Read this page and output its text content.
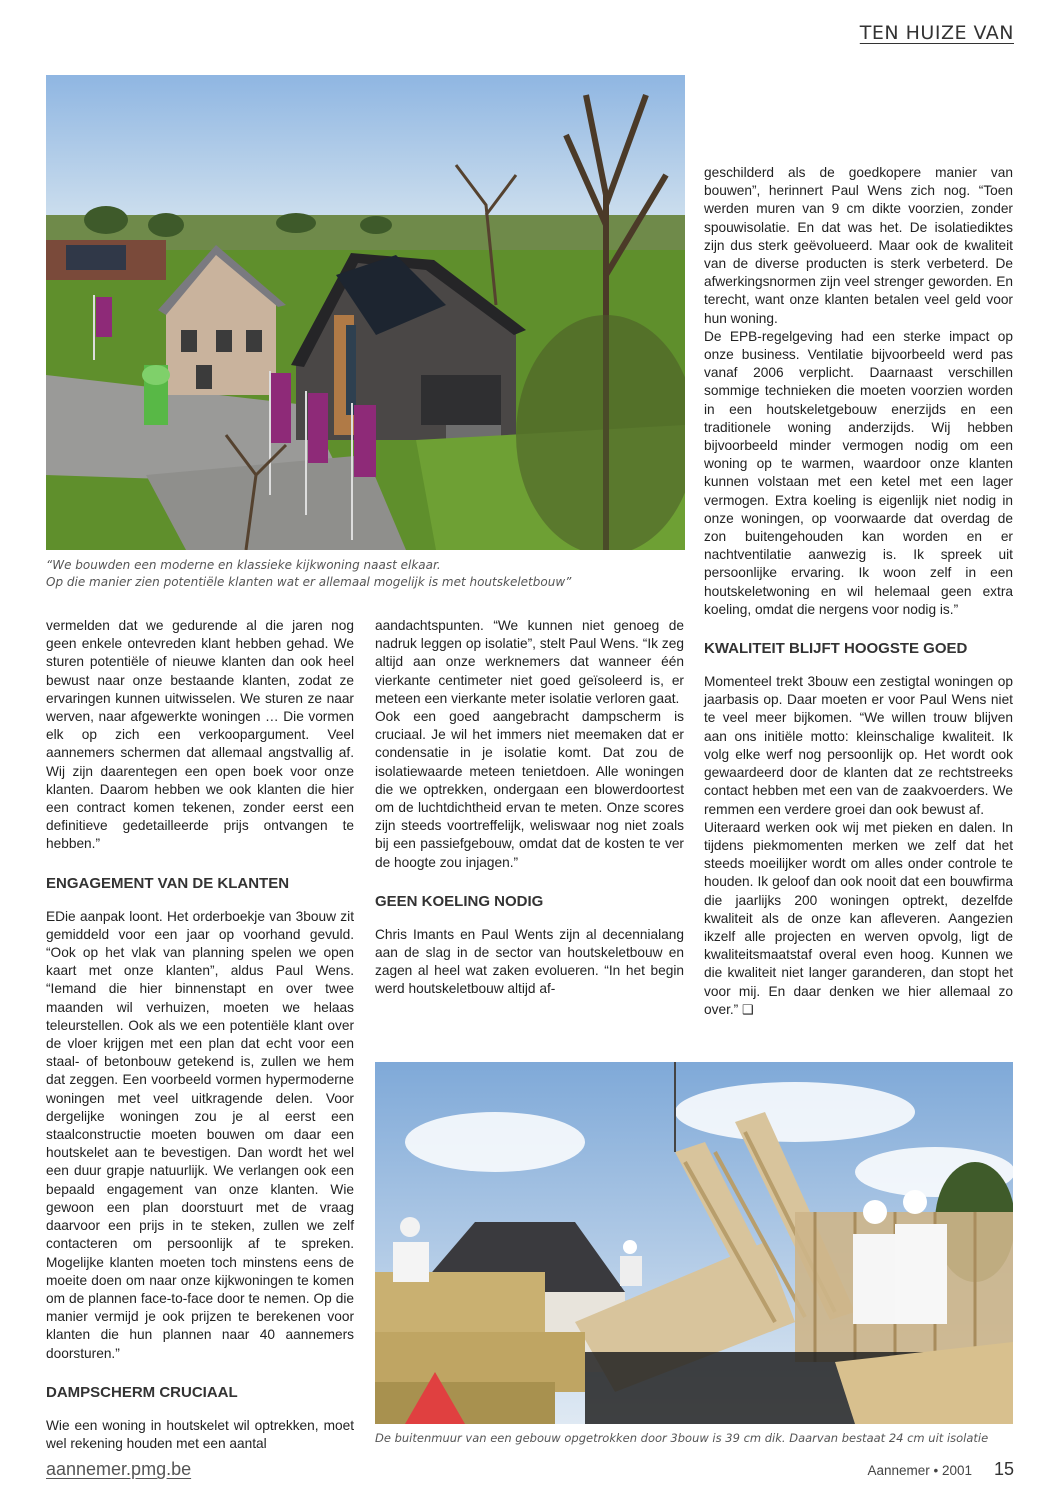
TEN HUIZE VAN
“We bouwden een moderne en klassieke kijkwoning naast elkaar.
Op die manier zien potentiële klanten wat er allemaal mogelijk is met houtskeletbouw”

vermelden dat we gedurende al die jaren nog geen enkele ontevreden klant hebben gehad. We sturen potentiële of nieuwe klanten dan ook heel bewust naar onze bestaande klanten, zodat ze ervaringen kunnen uitwisselen. We sturen ze naar werven, naar afgewerkte woningen … Die vormen elk op zich een verkoopargument. Veel aannemers schermen dat allemaal angstvallig af. Wij zijn daarentegen een open boek voor onze klanten. Daarom hebben we ook klanten die hier een contract komen tekenen, zonder eerst een definitieve gedetailleerde prijs ontvangen te hebben.”

ENGAGEMENT VAN DE KLANTEN

EDie aanpak loont. Het orderboekje van 3bouw zit gemiddeld voor een jaar op voorhand gevuld. “Ook op het vlak van planning spelen we open kaart met onze klanten”, aldus Paul Wens. “Iemand die hier binnenstapt en over twee maanden wil verhuizen, moeten we helaas teleurstellen. Ook als we een potentiële klant over de vloer krijgen met een plan dat echt voor een staal- of betonbouw getekend is, zullen we hem dat zeggen. Een voorbeeld vormen hypermoderne woningen met veel uitkragende delen. Voor dergelijke woningen zou je al eerst een staalconstructie moeten bouwen om daar een houtskelet aan te bevestigen. Dan wordt het wel een duur grapje natuurlijk. We verlangen ook een bepaald engagement van onze klanten. Wie gewoon een plan doorstuurt met de vraag daarvoor een prijs in te steken, zullen we zelf contacteren om persoonlijk af te spreken. Mogelijke klanten moeten toch minstens eens de moeite doen om naar onze kijkwoningen te komen om de plannen face-to-face door te nemen. Op die manier vermijd je ook prijzen te berekenen voor klanten die hun plannen naar 40 aannemers doorsturen.”

DAMPSCHERM CRUCIAAL

Wie een woning in houtskelet wil optrekken, moet wel rekening houden met een aantal

aandachtspunten. “We kunnen niet genoeg de nadruk leggen op isolatie”, stelt Paul Wens. “Ik zeg altijd aan onze werknemers dat wanneer één vierkante centimeter niet goed geïsoleerd is, er meteen een vierkante meter isolatie verloren gaat.

Ook een goed aangebracht dampscherm is cruciaal. Je wil het immers niet meemaken dat er condensatie in je isolatie komt. Dat zou de isolatiewaarde meteen tenietdoen. Alle woningen die we optrekken, ondergaan een blowerdoortest om de luchtdichtheid ervan te meten. Onze scores zijn steeds voortreffelijk, weliswaar nog niet zoals bij een passiefgebouw, omdat dat de kosten te ver de hoogte zou injagen.”

GEEN KOELING NODIG

Chris Imants en Paul Wents zijn al decennialang aan de slag in de sector van houtskeletbouw en zagen al heel wat zaken evolueren. “In het begin werd houtskeletbouw altijd af-

geschilderd als de goedkopere manier van bouwen”, herinnert Paul Wens zich nog. “Toen werden muren van 9 cm dikte voorzien, zonder spouwisolatie. En dat was het. De isolatiediktes zijn dus sterk geëvolueerd. Maar ook de kwaliteit van de diverse producten is sterk verbeterd. De afwerkingsnormen zijn veel strenger geworden. En terecht, want onze klanten betalen veel geld voor hun woning.

De EPB-regelgeving had een sterke impact op onze business. Ventilatie bijvoorbeeld werd pas vanaf 2006 verplicht. Daarnaast verschillen sommige technieken die moeten voorzien worden in een houtskeletgebouw enerzijds en een traditionele woning anderzijds. Wij hebben bijvoorbeeld minder vermogen nodig om een woning op te warmen, waardoor onze klanten kunnen volstaan met een ketel met een lager vermogen. Extra koeling is eigenlijk niet nodig in onze woningen, op voorwaarde dat overdag de zon buitengehouden kan worden en er nachtventilatie aanwezig is. Ik spreek uit persoonlijke ervaring. Ik woon zelf in een houtskeletwoning en wil helemaal geen extra koeling, omdat die nergens voor nodig is.”

KWALITEIT BLIJFT HOOGSTE GOED

Momenteel trekt 3bouw een zestigtal woningen op jaarbasis op. Daar moeten er voor Paul Wens niet te veel meer bijkomen. “We willen trouw blijven aan ons initiële motto: kleinschalige kwaliteit. Ik volg elke werf nog persoonlijk op. Het wordt ook gewaardeerd door de klanten dat ze rechtstreeks contact hebben met een van de zaakvoerders. We remmen een verdere groei dan ook bewust af.

Uiteraard werken ook wij met pieken en dalen. In tijdens piekmomenten merken we zelf dat het steeds moeilijker wordt om alles onder controle te houden. Ik geloof dan ook nooit dat een bouwfirma die jaarlijks 200 woningen optrekt, dezelfde kwaliteit als de onze kan afleveren. Aangezien ikzelf alle projecten en werven opvolg, ligt de kwaliteitsmaatstaf overal even hoog. Kunnen we die kwaliteit niet langer garanderen, dan stopt het voor mij. En daar denken we hier allemaal zo over.” ❑

De buitenmuur van een gebouw opgetrokken door 3bouw is 39 cm dik. Daarvan bestaat 24 cm uit isolatie
aannemer.pmg.be	Aannemer • 2001 15
